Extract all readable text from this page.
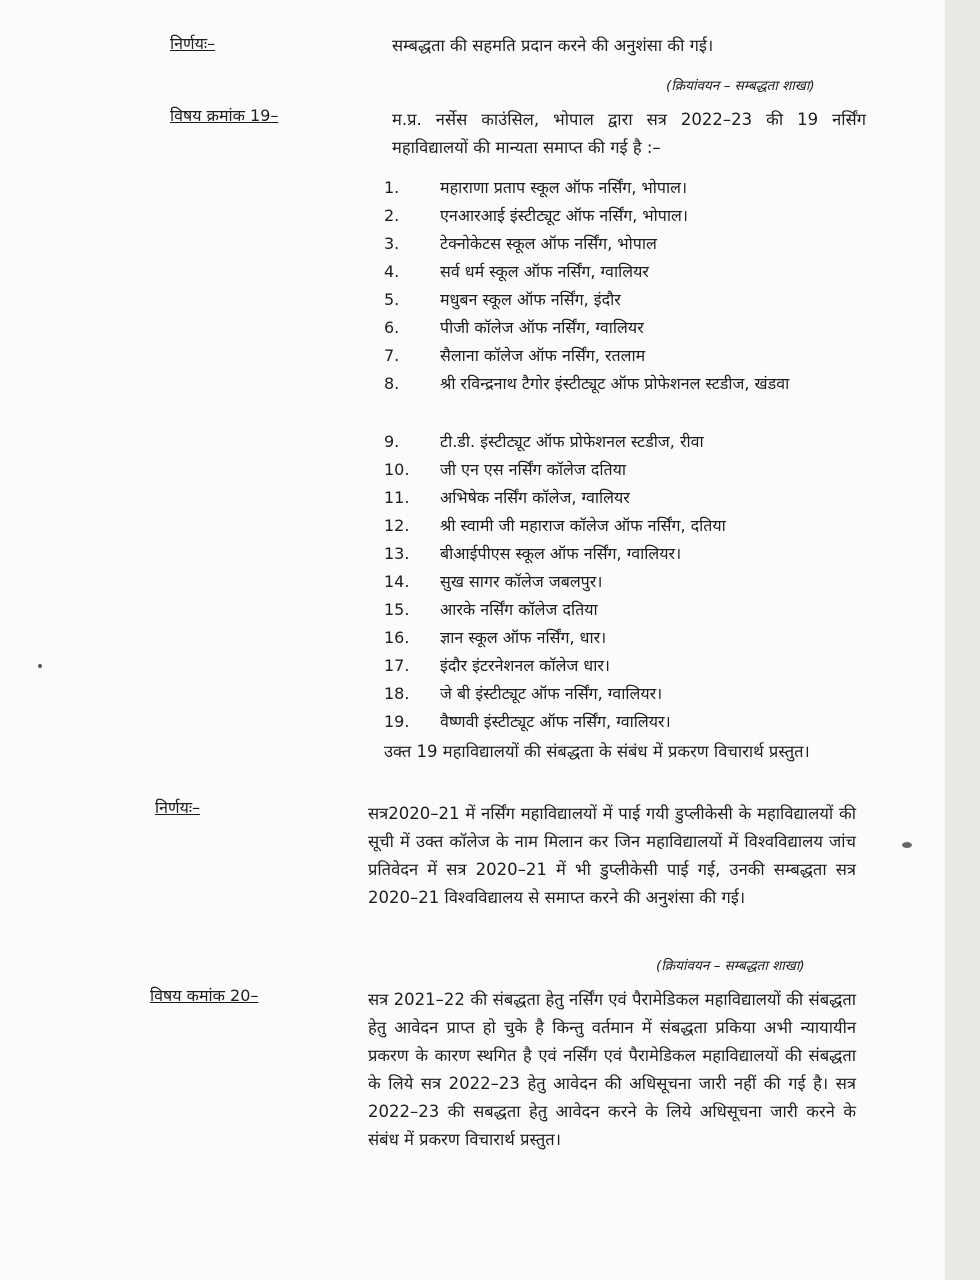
निर्णयः–	सम्बद्धता की सहमति प्रदान करने की अनुशंसा की गई।
(क्रियांवयन – सम्बद्धता शाखा)
विषय क्रमांक 19–	म.प्र. नर्सेस काउंसिल, भोपाल द्वारा सत्र 2022–23 की 19 नर्सिंग महाविद्यालयों की मान्यता समाप्त की गई है :–
1.	महाराणा प्रताप स्कूल ऑफ नर्सिंग, भोपाल।
2.	एनआरआई इंस्टीट्यूट ऑफ नर्सिंग, भोपाल।
3.	टेक्नोकेटस स्कूल ऑफ नर्सिंग, भोपाल
4.	सर्व धर्म स्कूल ऑफ नर्सिंग, ग्वालियर
5.	मधुबन स्कूल ऑफ नर्सिंग, इंदौर
6.	पीजी कॉलेज ऑफ नर्सिंग, ग्वालियर
7.	सैलाना कॉलेज ऑफ नर्सिंग, रतलाम
8.	श्री रविन्द्रनाथ टैगोर इंस्टीट्यूट ऑफ प्रोफेशनल स्टडीज, खंडवा
9.	टी.डी. इंस्टीट्यूट ऑफ प्रोफेशनल स्टडीज, रीवा
10.	जी एन एस नर्सिंग कॉलेज दतिया
11.	अभिषेक नर्सिंग कॉलेज, ग्वालियर
12.	श्री स्वामी जी महाराज कॉलेज ऑफ नर्सिंग, दतिया
13.	बीआईपीएस स्कूल ऑफ नर्सिंग, ग्वालियर।
14.	सुख सागर कॉलेज जबलपुर।
15.	आरके नर्सिंग कॉलेज दतिया
16.	ज्ञान स्कूल ऑफ नर्सिंग, धार।
17.	इंदौर इंटरनेशनल कॉलेज धार।
18.	जे बी इंस्टीट्यूट ऑफ नर्सिंग, ग्वालियर।
19.	वैष्णवी इंस्टीट्यूट ऑफ नर्सिंग, ग्वालियर।
उक्त 19 महाविद्यालयों की संबद्धता के संबंध में प्रकरण विचारार्थ प्रस्तुत।
निर्णयः–	सत्र2020–21 में नर्सिंग महाविद्यालयों में पाई गयी डुप्लीकेसी के महाविद्यालयों की सूची में उक्त कॉलेज के नाम मिलान कर जिन महाविद्यालयों में विश्वविद्यालय जांच प्रतिवेदन में सत्र 2020–21 में भी डुप्लीकेसी पाई गई, उनकी सम्बद्धता सत्र 2020–21 विश्वविद्यालय से समाप्त करने की अनुशंसा की गई।
(क्रियांवयन – सम्बद्धता शाखा)
विषय कमांक 20–	सत्र 2021–22 की संबद्धता हेतु नर्सिंग एवं पैरामेडिकल महाविद्यालयों की संबद्धता हेतु आवेदन प्राप्त हो चुके है किन्तु वर्तमान में संबद्धता प्रकिया अभी न्यायायीन प्रकरण के कारण स्थगित है एवं नर्सिंग एवं पैरामेडिकल महाविद्यालयों की संबद्धता के लिये सत्र 2022–23 हेतु आवेदन की अधिसूचना जारी नहीं की गई है। सत्र 2022–23 की सबद्धता हेतु आवेदन करने के लिये अधिसूचना जारी करने के संबंध में प्रकरण विचारार्थ प्रस्तुत।
